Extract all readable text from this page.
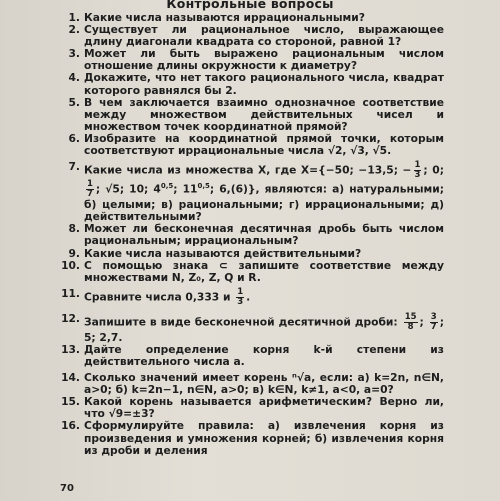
Контрольные вопросы
1. Какие числа называются иррациональными?
2. Существует ли рациональное число, выражающее длину диагонали квадрата со стороной, равной 1?
3. Может ли быть выражено рациональным числом отношение длины окружности к диаметру?
4. Докажите, что нет такого рационального числа, квадрат которого равнялся бы 2.
5. В чем заключается взаимно однозначное соответствие между множеством действительных чисел и множеством точек координатной прямой?
6. Изобразите на координатной прямой точки, которым соответствуют иррациональные числа √2, √3, √5.
7. Какие числа из множества X, где X={−50; −13,5; − $\frac{1}{3}$ ; 0;
$\frac{1}{7}$ ; √5; 10; 4$^{0,5}$; 11$^{0,5}$; 6,(6)}, являются: а) натуральными; б) целыми; в) рациональными; г) иррациональными; д) действительными?
8. Может ли бесконечная десятичная дробь быть числом рациональным; иррациональным?
9. Какие числа называются действительными?
10. С помощью знака ⊂ запишите соответствие между множествами N, Z₀, Z, Q и R.
11. Сравните числа 0,333 и $\frac{1}{3}$ .
12. Запишите в виде бесконечной десятичной дроби: $\frac{15}{8}$ ; $\frac{3}{7}$ ; 5; 2,7.
13. Дайте определение корня k-й степени из действительного числа a.
14. Сколько значений имеет корень ⁿ√a, если: а) k=2n, n∈N, a>0; б) k=2n−1, n∈N, a>0; в) k∈N, k≠1, a<0, a=0?
15. Какой корень называется арифметическим? Верно ли, что √9=±3?
16. Сформулируйте правила: а) извлечения корня из произведения и умножения корней; б) извлечения корня из дроби и деления
70
